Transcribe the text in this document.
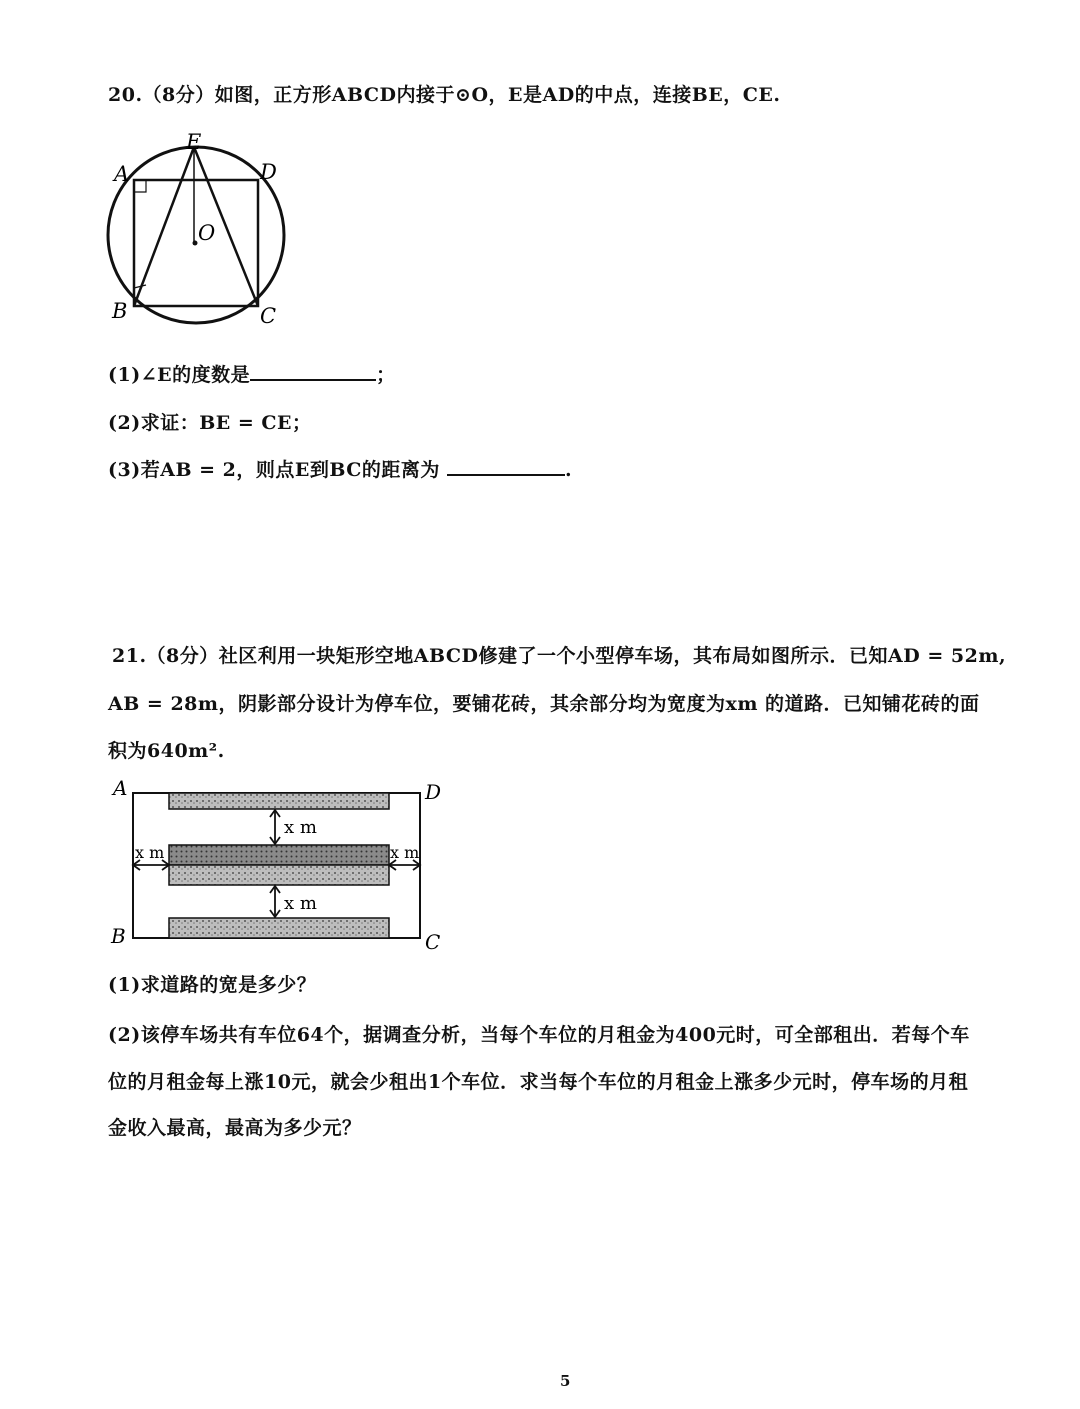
20.（8分）如图，正方形ABCD内接于⊙O，E是AD的中点，连接BE，CE.
A
B	C
D
E
O
(1)∠E的度数是	；
(2)求证：BE = CE；
(3)若AB = 2，则点E到BC的距离为	.
21.（8分）社区利用一块矩形空地ABCD修建了一个小型停车场，其布局如图所示．已知AD = 52m,
AB = 28m，阴影部分设计为停车位，要铺花砖，其余部分均为宽度为xm 的道路．已知铺花砖的面
积为640m².
x m
x m
x m	x m
A
B	C
D
(1)求道路的宽是多少？
(2)该停车场共有车位64个，据调查分析，当每个车位的月租金为400元时，可全部租出．若每个车
位的月租金每上涨10元，就会少租出1个车位．求当每个车位的月租金上涨多少元时，停车场的月租
金收入最高，最高为多少元？
5
